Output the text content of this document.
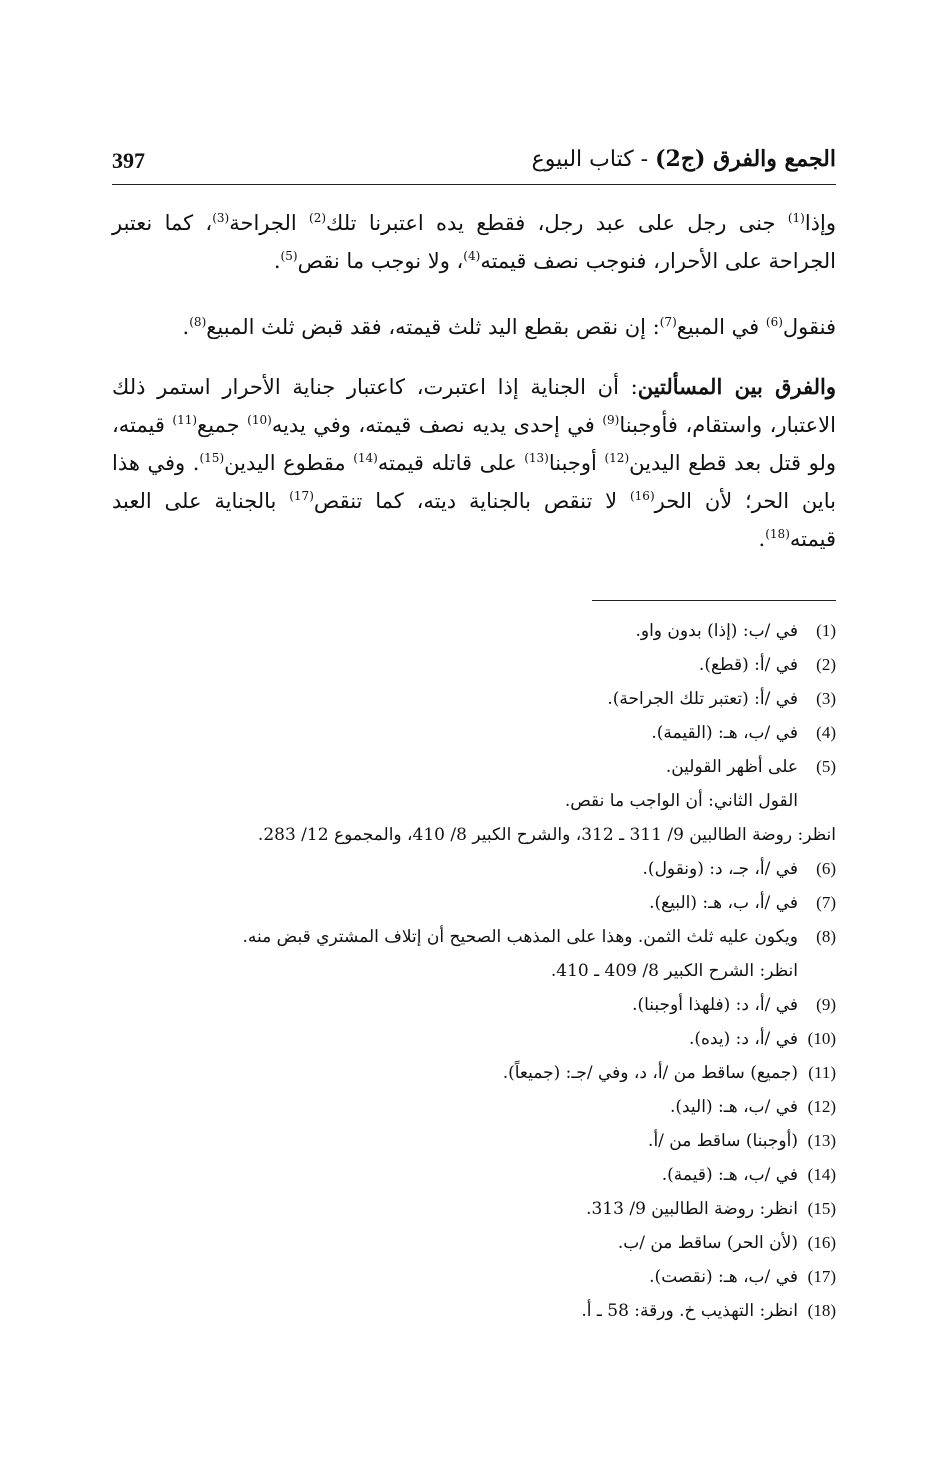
397	الجمع والفرق (ج2) - كتاب البيوع

وإذا$^{(1)}$ جنى رجل على عبد رجل، فقطع يده اعتبرنا تلك$^{(2)}$ الجراحة$^{(3)}$، كما نعتبر الجراحة على الأحرار، فنوجب نصف قيمته$^{(4)}$، ولا نوجب ما نقص$^{(5)}$.

فنقول$^{(6)}$ في المبيع$^{(7)}$: إن نقص بقطع اليد ثلث قيمته، فقد قبض ثلث المبيع$^{(8)}$.

والفرق بين المسألتين: أن الجناية إذا اعتبرت، كاعتبار جناية الأحرار استمر ذلك الاعتبار، واستقام، فأوجبنا$^{(9)}$ في إحدى يديه نصف قيمته، وفي يديه$^{(10)}$ جميع$^{(11)}$ قيمته، ولو قتل بعد قطع اليدين$^{(12)}$ أوجبنا$^{(13)}$ على قاتله قيمته$^{(14)}$ مقطوع اليدين$^{(15)}$. وفي هذا باين الحر؛ لأن الحر$^{(16)}$ لا تنقص بالجناية ديته، كما تنقص$^{(17)}$ بالجناية على العبد قيمته$^{(18)}$.

(1)في /ب: (إذا) بدون واو.
(2)في /أ: (قطع).
(3)في /أ: (تعتبر تلك الجراحة).
(4)في /ب، هـ: (القيمة).
(5)على أظهر القولين.
القول الثاني: أن الواجب ما نقص.
انظر: روضة الطالبين 9/ 311 ـ 312، والشرح الكبير 8/ 410، والمجموع 12/ 283.
(6)في /أ، جـ، د: (ونقول).
(7)في /أ، ب، هـ: (البيع).
(8)ويكون عليه ثلث الثمن. وهذا على المذهب الصحيح أن إتلاف المشتري قبض منه.
انظر: الشرح الكبير 8/ 409 ـ 410.
(9)في /أ، د: (فلهذا أوجبنا).
(10)في /أ، د: (يده).
(11)(جميع) ساقط من /أ، د، وفي /جـ: (جميعاً).
(12)في /ب، هـ: (اليد).
(13)(أوجبنا) ساقط من /أ.
(14)في /ب، هـ: (قيمة).
(15)انظر: روضة الطالبين 9/ 313.
(16)(لأن الحر) ساقط من /ب.
(17)في /ب، هـ: (نقصت).
(18)انظر: التهذيب خ. ورقة: 58 ـ أ.
